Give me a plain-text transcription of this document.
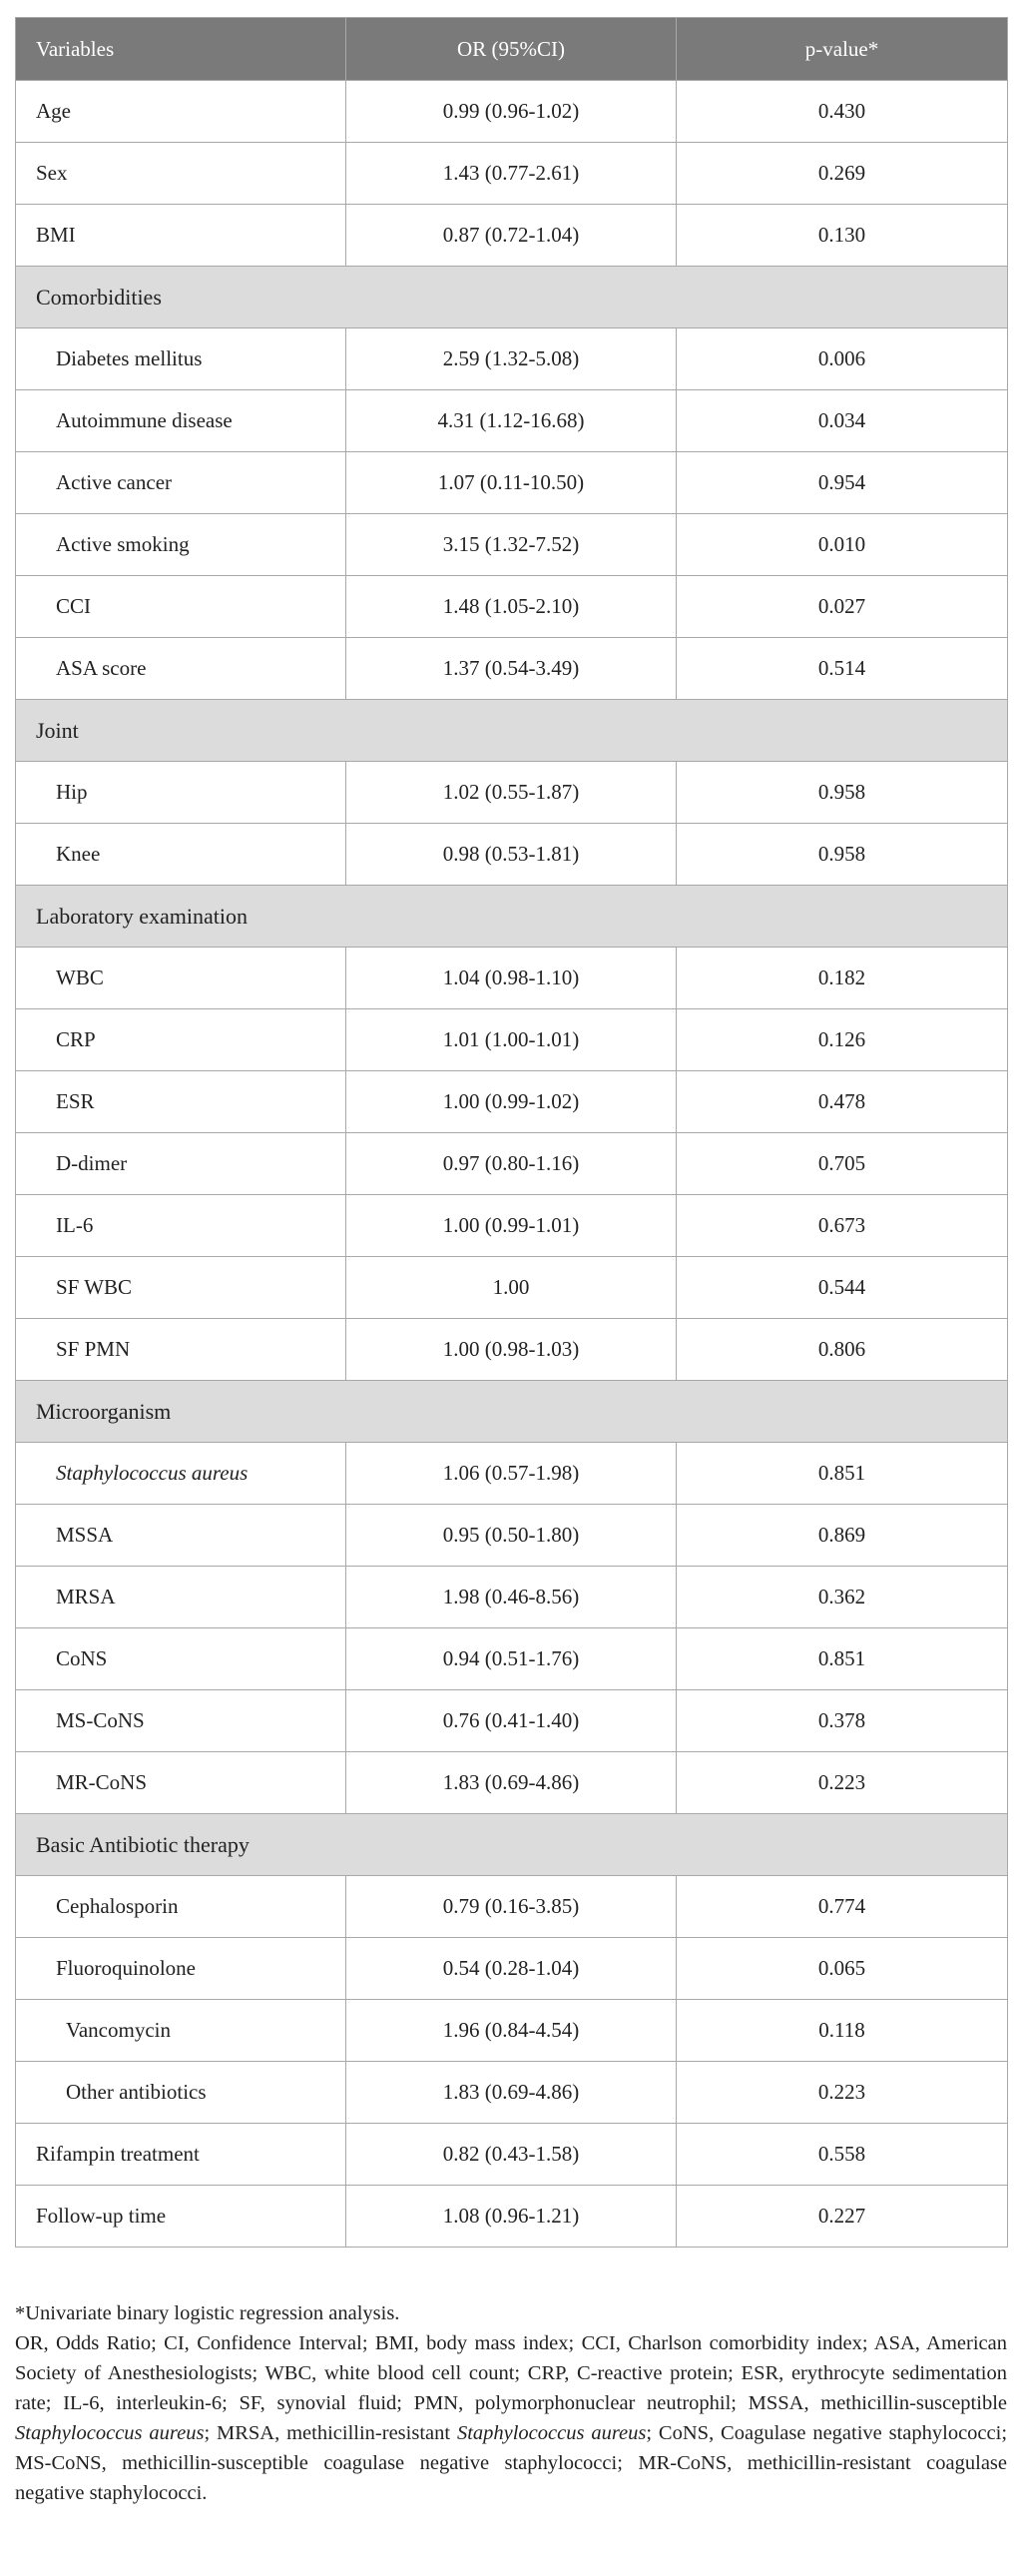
Variables	OR (95%CI)	p-value*
Age	0.99 (0.96-1.02)	0.430
Sex	1.43 (0.77-2.61)	0.269
BMI	0.87 (0.72-1.04)	0.130
Comorbidities		
Diabetes mellitus	2.59 (1.32-5.08)	0.006
Autoimmune disease	4.31 (1.12-16.68)	0.034
Active cancer	1.07 (0.11-10.50)	0.954
Active smoking	3.15 (1.32-7.52)	0.010
CCI	1.48 (1.05-2.10)	0.027
ASA score	1.37 (0.54-3.49)	0.514
Joint		
Hip	1.02 (0.55-1.87)	0.958
Knee	0.98 (0.53-1.81)	0.958
Laboratory examination		
WBC	1.04 (0.98-1.10)	0.182
CRP	1.01 (1.00-1.01)	0.126
ESR	1.00 (0.99-1.02)	0.478
D-dimer	0.97 (0.80-1.16)	0.705
IL-6	1.00 (0.99-1.01)	0.673
SF WBC	1.00	0.544
SF PMN	1.00 (0.98-1.03)	0.806
Microorganism		
Staphylococcus aureus	1.06 (0.57-1.98)	0.851
MSSA	0.95 (0.50-1.80)	0.869
MRSA	1.98 (0.46-8.56)	0.362
CoNS	0.94 (0.51-1.76)	0.851
MS-CoNS	0.76 (0.41-1.40)	0.378
MR-CoNS	1.83 (0.69-4.86)	0.223
Basic Antibiotic therapy		
Cephalosporin	0.79 (0.16-3.85)	0.774
Fluoroquinolone	0.54 (0.28-1.04)	0.065
Vancomycin	1.96 (0.84-4.54)	0.118
Other antibiotics	1.83 (0.69-4.86)	0.223
Rifampin treatment	0.82 (0.43-1.58)	0.558
Follow-up time	1.08 (0.96-1.21)	0.227

*Univariate binary logistic regression analysis.

OR, Odds Ratio; CI, Confidence Interval; BMI, body mass index; CCI, Charlson comorbidity index; ASA, American Society of Anesthesiologists; WBC, white blood cell count; CRP, C-reactive protein; ESR, erythrocyte sedimentation rate; IL-6, interleukin-6; SF, synovial fluid; PMN, polymorphonuclear neutrophil; MSSA, methicillin-susceptible Staphylococcus aureus; MRSA, methicillin-resistant Staphylococcus aureus; CoNS, Coagulase negative staphylococci; MS-CoNS, methicillin-susceptible coagulase negative staphylococci; MR-CoNS, methicillin-resistant coagulase negative staphylococci.
